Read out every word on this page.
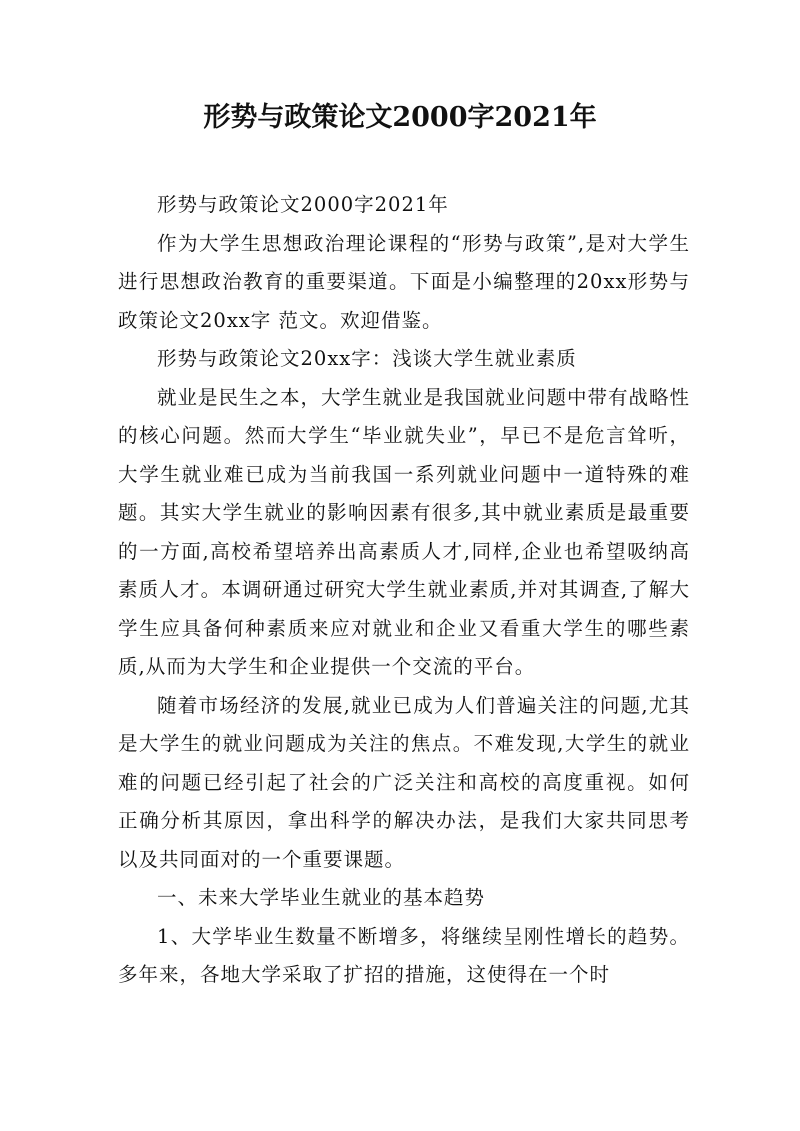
形势与政策论文2000字2021年

形势与政策论文2000字2021年

作为大学生思想政治理论课程的“形势与政策”,是对大学生进行思想政治教育的重要渠道。下面是小编整理的20xx形势与政策论文20xx字 范文。欢迎借鉴。

形势与政策论文20xx字：浅谈大学生就业素质

就业是民生之本，大学生就业是我国就业问题中带有战略性的核心问题。然而大学生“毕业就失业”，早已不是危言耸听，大学生就业难已成为当前我国一系列就业问题中一道特殊的难题。其实大学生就业的影响因素有很多,其中就业素质是最重要的一方面,高校希望培养出高素质人才,同样,企业也希望吸纳高素质人才。本调研通过研究大学生就业素质,并对其调查,了解大学生应具备何种素质来应对就业和企业又看重大学生的哪些素质,从而为大学生和企业提供一个交流的平台。

随着市场经济的发展,就业已成为人们普遍关注的问题,尤其是大学生的就业问题成为关注的焦点。不难发现,大学生的就业难的问题已经引起了社会的广泛关注和高校的高度重视。如何正确分析其原因，拿出科学的解决办法，是我们大家共同思考以及共同面对的一个重要课题。

一、未来大学毕业生就业的基本趋势

1、大学毕业生数量不断增多，将继续呈刚性增长的趋势。多年来，各地大学采取了扩招的措施，这使得在一个时
